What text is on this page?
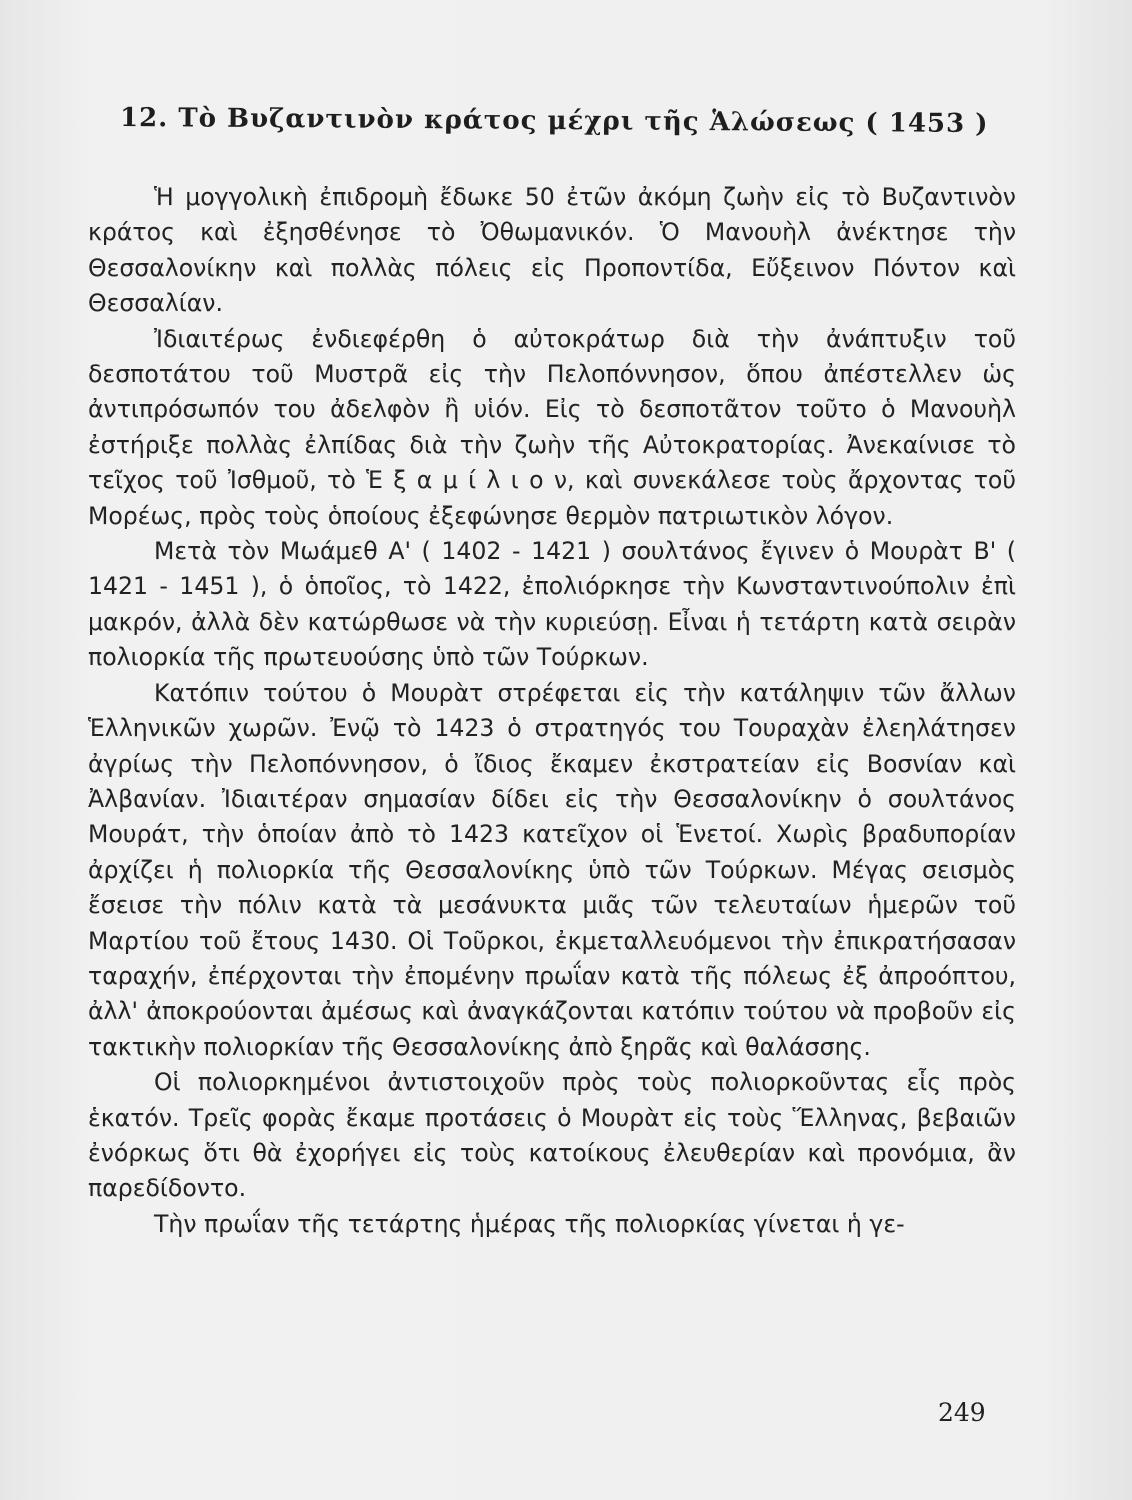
12. Τὸ Βυζαντινὸν κράτος μέχρι τῆς Ἁλώσεως ( 1453 )

Ἡ μογγολικὴ ἐπιδρομὴ ἔδωκε 50 ἐτῶν ἀκόμη ζωὴν εἰς τὸ Βυζαντινὸν κράτος καὶ ἐξησθένησε τὸ Ὀθωμανικόν. Ὁ Μανουὴλ ἀνέκτησε τὴν Θεσσαλονίκην καὶ πολλὰς πόλεις εἰς Προποντίδα, Εὔξεινον Πόντον καὶ Θεσσαλίαν.

Ἰδιαιτέρως ἐνδιεφέρθη ὁ αὐτοκράτωρ διὰ τὴν ἀνάπτυξιν τοῦ δεσποτάτου τοῦ Μυστρᾶ εἰς τὴν Πελοπόννησον, ὅπου ἀπέστελλεν ὡς ἀντιπρόσωπόν του ἀδελφὸν ἢ υἱόν. Εἰς τὸ δεσποτᾶτον τοῦτο ὁ Μανουὴλ ἐστήριξε πολλὰς ἐλπίδας διὰ τὴν ζωὴν τῆς Αὐτοκρατορίας. Ἀνεκαίνισε τὸ τεῖχος τοῦ Ἰσθμοῦ, τὸ Ἑ ξ α μ ί λ ι ο ν, καὶ συνεκάλεσε τοὺς ἄρχοντας τοῦ Μορέως, πρὸς τοὺς ὁποίους ἐξεφώνησε θερμὸν πατριωτικὸν λόγον.

Μετὰ τὸν Μωάμεθ Α' ( 1402 - 1421 ) σουλτάνος ἔγινεν ὁ Μουρὰτ Β' ( 1421 - 1451 ), ὁ ὁποῖος, τὸ 1422, ἐπολιόρκησε τὴν Κωνσταντινούπολιν ἐπὶ μακρόν, ἀλλὰ δὲν κατώρθωσε νὰ τὴν κυριεύσῃ. Εἶναι ἡ τετάρτη κατὰ σειρὰν πολιορκία τῆς πρωτευούσης ὑπὸ τῶν Τούρκων.

Κατόπιν τούτου ὁ Μουρὰτ στρέφεται εἰς τὴν κατάληψιν τῶν ἄλλων Ἑλληνικῶν χωρῶν. Ἐνῷ τὸ 1423 ὁ στρατηγός του Τουραχὰν ἐλεηλάτησεν ἀγρίως τὴν Πελοπόννησον, ὁ ἴδιος ἔκαμεν ἐκστρατείαν εἰς Βοσνίαν καὶ Ἀλβανίαν. Ἰδιαιτέραν σημασίαν δίδει εἰς τὴν Θεσσαλονίκην ὁ σουλτάνος Μουράτ, τὴν ὁποίαν ἀπὸ τὸ 1423 κατεῖχον οἱ Ἑνετοί. Χωρὶς βραδυπορίαν ἀρχίζει ἡ πολιορκία τῆς Θεσσαλονίκης ὑπὸ τῶν Τούρκων. Μέγας σεισμὸς ἔσεισε τὴν πόλιν κατὰ τὰ μεσάνυκτα μιᾶς τῶν τελευταίων ἡμερῶν τοῦ Μαρτίου τοῦ ἔτους 1430. Οἱ Τοῦρκοι, ἐκμεταλλευόμενοι τὴν ἐπικρατήσασαν ταραχήν, ἐπέρχονται τὴν ἐπομένην πρωΐαν κατὰ τῆς πόλεως ἐξ ἀπροόπτου, ἀλλ' ἀποκρούονται ἀμέσως καὶ ἀναγκάζονται κατόπιν τούτου νὰ προβοῦν εἰς τακτικὴν πολιορκίαν τῆς Θεσσαλονίκης ἀπὸ ξηρᾶς καὶ θαλάσσης.

Οἱ πολιορκημένοι ἀντιστοιχοῦν πρὸς τοὺς πολιορκοῦντας εἷς πρὸς ἑκατόν. Τρεῖς φορὰς ἔκαμε προτάσεις ὁ Μουρὰτ εἰς τοὺς Ἕλληνας, βεβαιῶν ἐνόρκως ὅτι θὰ ἐχορήγει εἰς τοὺς κατοίκους ἐλευθερίαν καὶ προνόμια, ἂν παρεδίδοντο.

Τὴν πρωΐαν τῆς τετάρτης ἡμέρας τῆς πολιορκίας γίνεται ἡ γε-

249
